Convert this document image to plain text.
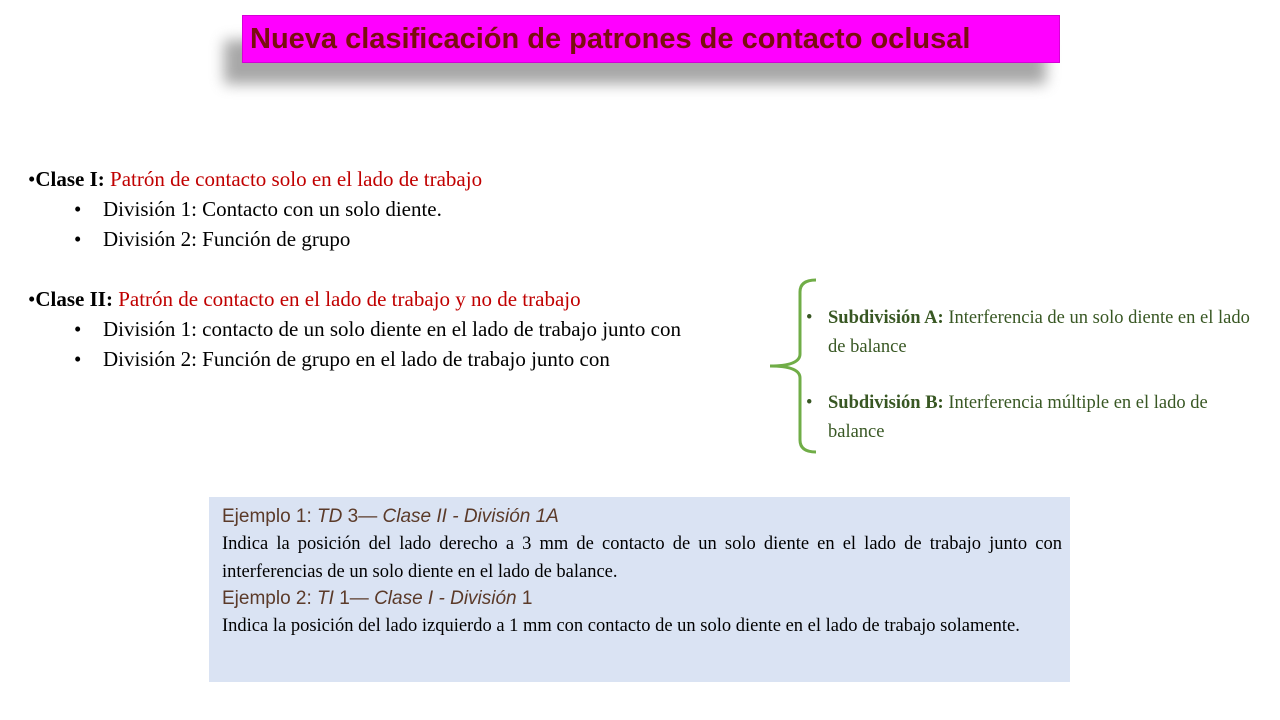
Nueva clasificación de patrones de contacto oclusal
•Clase I: Patrón de contacto solo en el lado de trabajo
• División 1: Contacto con un solo diente.
• División 2: Función de grupo
•Clase II: Patrón de contacto en el lado de trabajo y no de trabajo
• División 1: contacto de un solo diente en el lado de trabajo junto con
• División 2: Función de grupo en el lado de trabajo junto con
• Subdivisión A: Interferencia de un solo diente en el lado de balance
• Subdivisión B: Interferencia múltiple en el lado de balance
Ejemplo 1: TD 3— Clase II - División 1A
Indica la posición del lado derecho a 3 mm de contacto de un solo diente en el lado de trabajo junto con interferencias de un solo diente en el lado de balance.
Ejemplo 2: TI 1— Clase I - División 1
Indica la posición del lado izquierdo a 1 mm con contacto de un solo diente en el lado de trabajo solamente.
